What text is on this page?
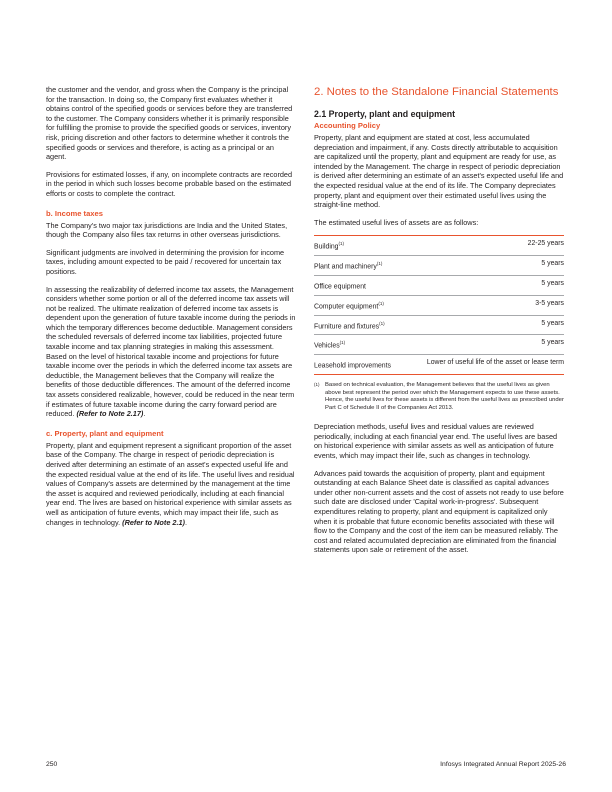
the customer and the vendor, and gross when the Company is the principal for the transaction. In doing so, the Company first evaluates whether it obtains control of the specified goods or services before they are transferred to the customer. The Company considers whether it is primarily responsible for fulfilling the promise to provide the specified goods or services, inventory risk, pricing discretion and other factors to determine whether it controls the specified goods or services and therefore, is acting as a principal or an agent.

Provisions for estimated losses, if any, on incomplete contracts are recorded in the period in which such losses become probable based on the estimated efforts or costs to complete the contract.

b. Income taxes

The Company's two major tax jurisdictions are India and the United States, though the Company also files tax returns in other overseas jurisdictions.

Significant judgments are involved in determining the provision for income taxes, including amount expected to be paid / recovered for uncertain tax positions.

In assessing the realizability of deferred income tax assets, the Management considers whether some portion or all of the deferred income tax assets will not be realized. The ultimate realization of deferred income tax assets is dependent upon the generation of future taxable income during the periods in which the temporary differences become deductible. Management considers the scheduled reversals of deferred income tax liabilities, projected future taxable income and tax planning strategies in making this assessment. Based on the level of historical taxable income and projections for future taxable income over the periods in which the deferred income tax assets are deductible, the Management believes that the Company will realize the benefits of those deductible differences. The amount of the deferred income tax assets considered realizable, however, could be reduced in the near term if estimates of future taxable income during the carry forward period are reduced. (Refer to Note 2.17).

c. Property, plant and equipment

Property, plant and equipment represent a significant proportion of the asset base of the Company. The charge in respect of periodic depreciation is derived after determining an estimate of an asset's expected useful life and the expected residual value at the end of its life. The useful lives and residual values of Company's assets are determined by the management at the time the asset is acquired and reviewed periodically, including at each financial year end. The lives are based on historical experience with similar assets as well as anticipation of future events, which may impact their life, such as changes in technology. (Refer to Note 2.1).

2. Notes to the Standalone Financial Statements
2.1 Property, plant and equipment
Accounting Policy

Property, plant and equipment are stated at cost, less accumulated depreciation and impairment, if any. Costs directly attributable to acquisition are capitalized until the property, plant and equipment are ready for use, as intended by the Management. The charge in respect of periodic depreciation is derived after determining an estimate of an asset's expected useful life and the expected residual value at the end of its life. The Company depreciates property, plant and equipment over their estimated useful lives using the straight-line method.

The estimated useful lives of assets are as follows:

Building$^{(1)}$	22-25 years
Plant and machinery$^{(1)}$	5 years
Office equipment	5 years
Computer equipment$^{(1)}$	3-5 years
Furniture and fixtures$^{(1)}$	5 years
Vehicles$^{(1)}$	5 years
Leasehold improvements	Lower of useful life of the asset or lease term
(1) Based on technical evaluation, the Management believes that the useful lives as given above best represent the period over which the Management expects to use these assets. Hence, the useful lives for these assets is different from the useful lives as prescribed under Part C of Schedule II of the Companies Act 2013.

Depreciation methods, useful lives and residual values are reviewed periodically, including at each financial year end. The useful lives are based on historical experience with similar assets as well as anticipation of future events, which may impact their life, such as changes in technology.

Advances paid towards the acquisition of property, plant and equipment outstanding at each Balance Sheet date is classified as capital advances under other non-current assets and the cost of assets not ready to use before such date are disclosed under 'Capital work-in-progress'. Subsequent expenditures relating to property, plant and equipment is capitalized only when it is probable that future economic benefits associated with these will flow to the Company and the cost of the item can be measured reliably. The cost and related accumulated depreciation are eliminated from the financial statements upon sale or retirement of the asset.

250	Infosys Integrated Annual Report 2025-26
